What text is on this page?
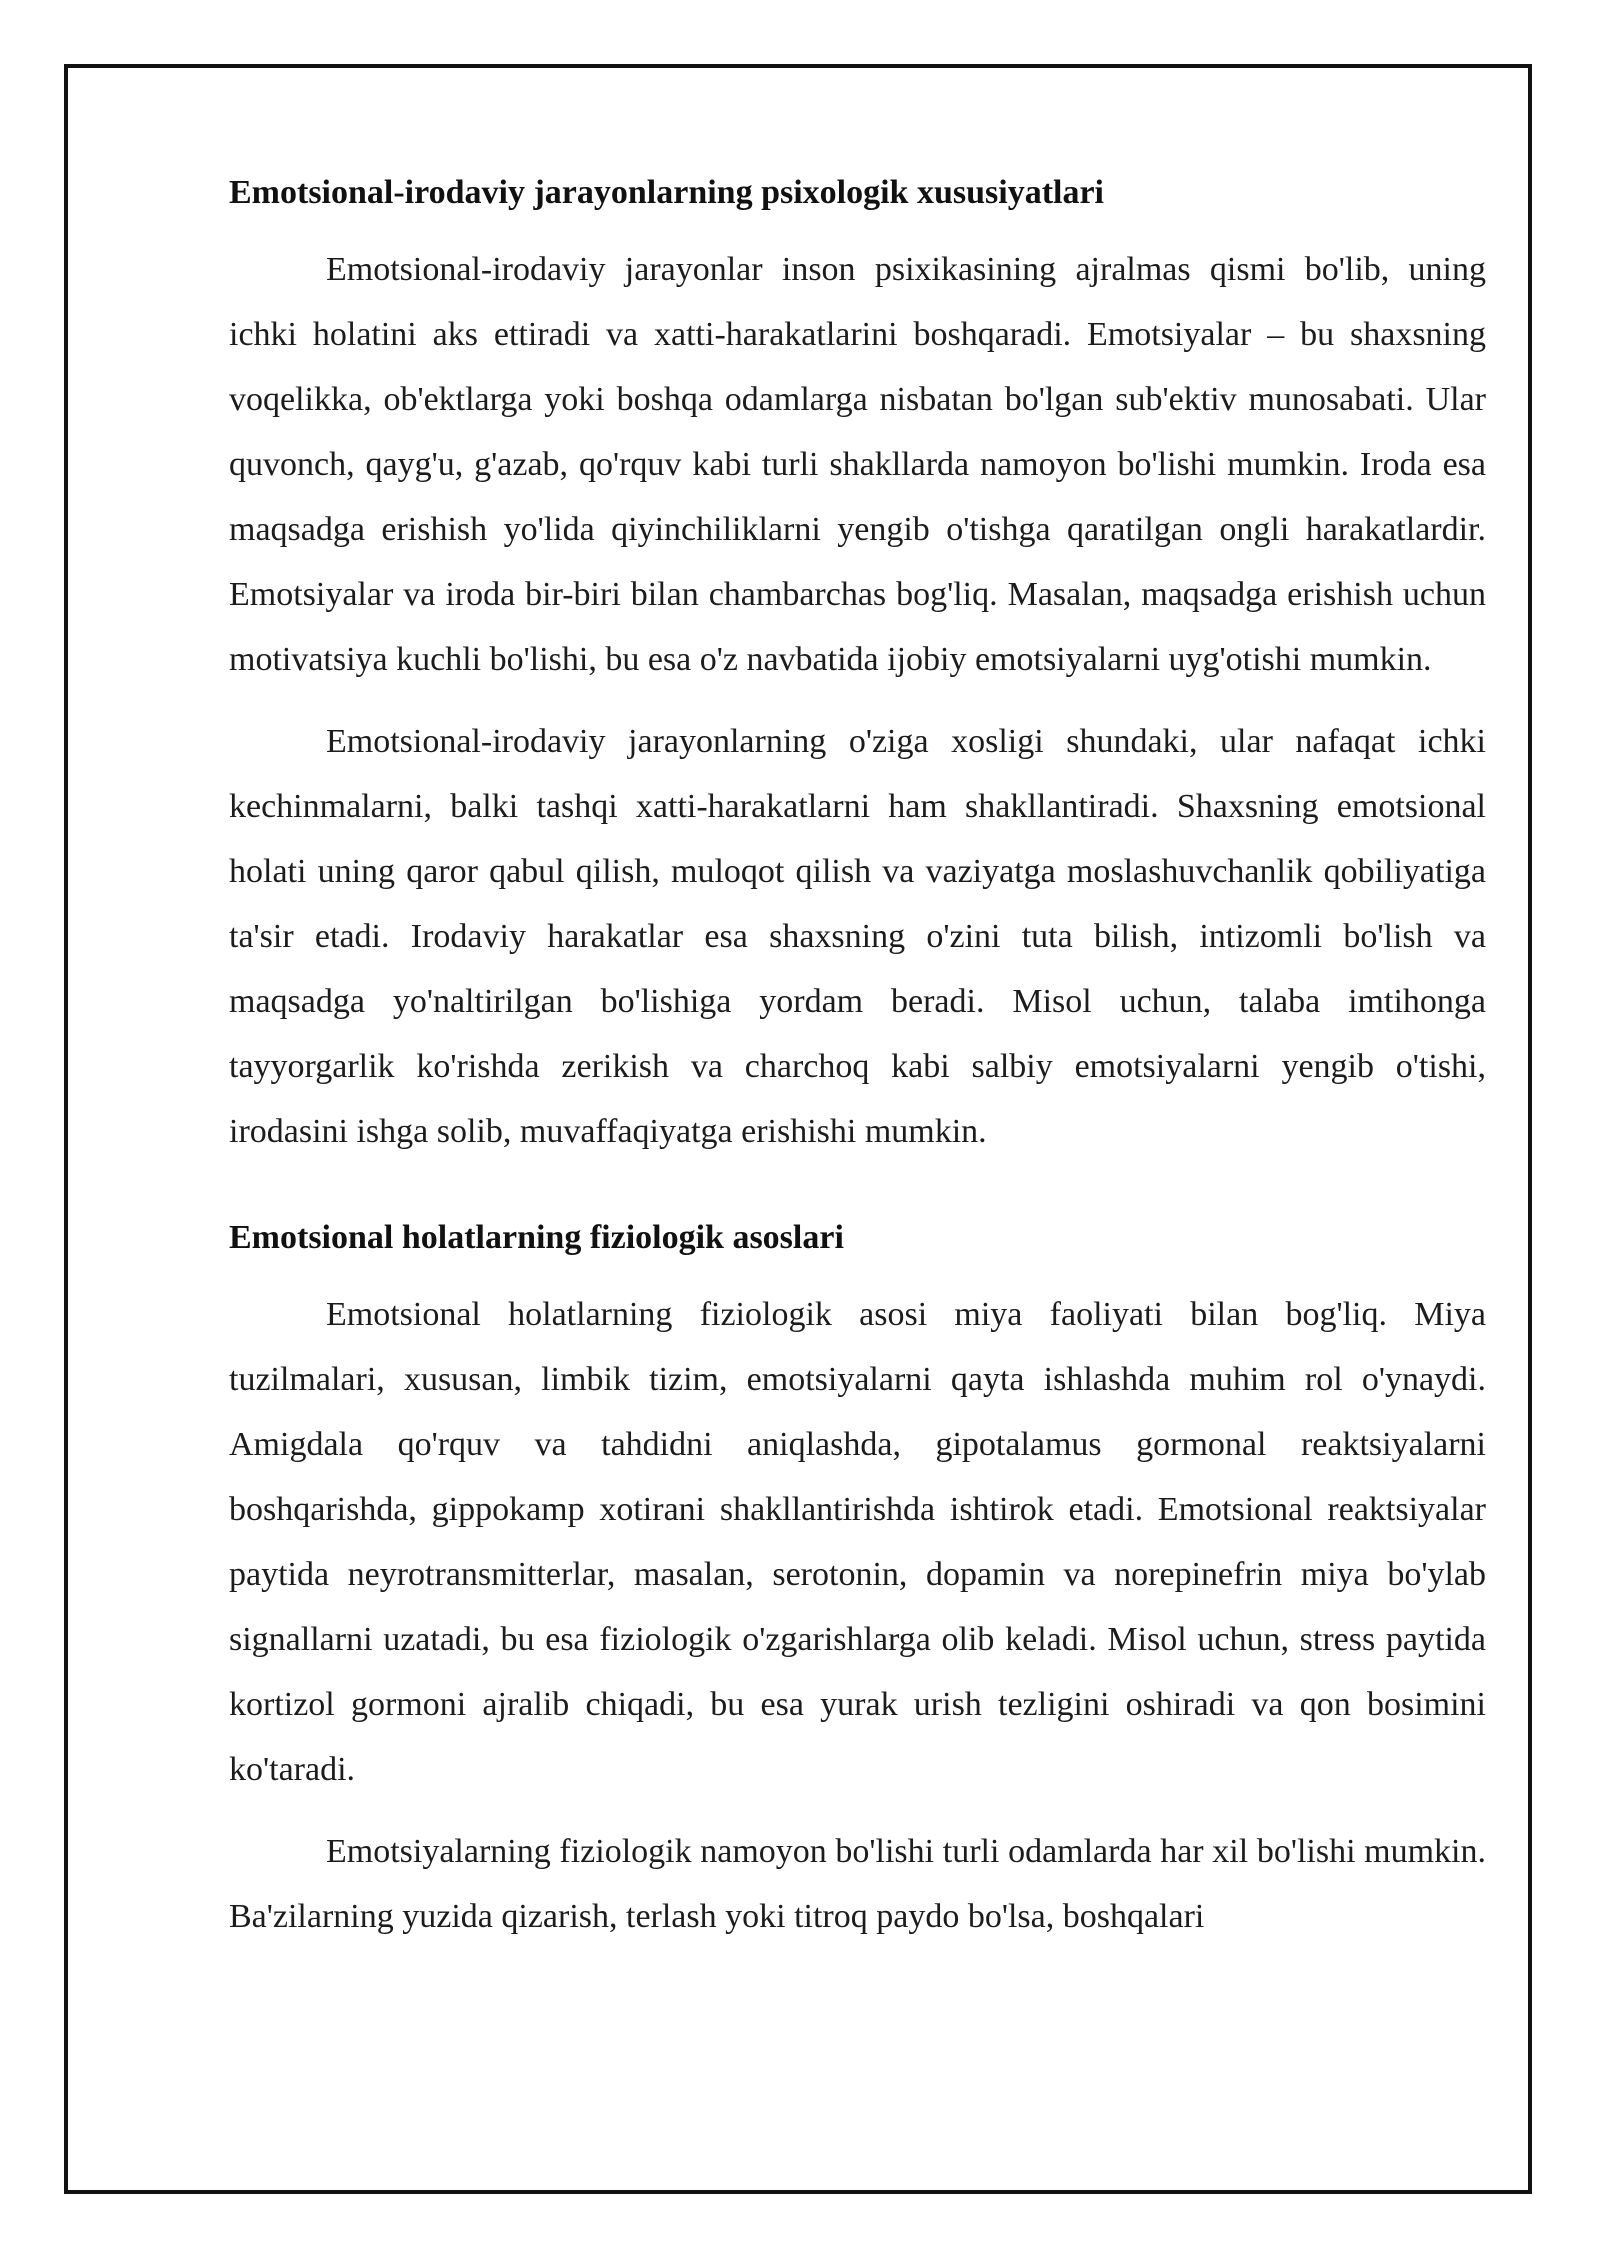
Emotsional-irodaviy jarayonlarning psixologik xususiyatlari

Emotsional-irodaviy jarayonlar inson psixikasining ajralmas qismi bo'lib, uning ichki holatini aks ettiradi va xatti-harakatlarini boshqaradi. Emotsiyalar – bu shaxsning voqelikka, ob'ektlarga yoki boshqa odamlarga nisbatan bo'lgan sub'ektiv munosabati. Ular quvonch, qayg'u, g'azab, qo'rquv kabi turli shakllarda namoyon bo'lishi mumkin. Iroda esa maqsadga erishish yo'lida qiyinchiliklarni yengib o'tishga qaratilgan ongli harakatlardir. Emotsiyalar va iroda bir-biri bilan chambarchas bog'liq. Masalan, maqsadga erishish uchun motivatsiya kuchli bo'lishi, bu esa o'z navbatida ijobiy emotsiyalarni uyg'otishi mumkin.

Emotsional-irodaviy jarayonlarning o'ziga xosligi shundaki, ular nafaqat ichki kechinmalarni, balki tashqi xatti-harakatlarni ham shakllantiradi. Shaxsning emotsional holati uning qaror qabul qilish, muloqot qilish va vaziyatga moslashuvchanlik qobiliyatiga ta'sir etadi. Irodaviy harakatlar esa shaxsning o'zini tuta bilish, intizomli bo'lish va maqsadga yo'naltirilgan bo'lishiga yordam beradi. Misol uchun, talaba imtihonga tayyorgarlik ko'rishda zerikish va charchoq kabi salbiy emotsiyalarni yengib o'tishi, irodasini ishga solib, muvaffaqiyatga erishishi mumkin.

Emotsional holatlarning fiziologik asoslari

Emotsional holatlarning fiziologik asosi miya faoliyati bilan bog'liq. Miya tuzilmalari, xususan, limbik tizim, emotsiyalarni qayta ishlashda muhim rol o'ynaydi. Amigdala qo'rquv va tahdidni aniqlashda, gipotalamus gormonal reaktsiyalarni boshqarishda, gippokamp xotirani shakllantirishda ishtirok etadi. Emotsional reaktsiyalar paytida neyrotransmitterlar, masalan, serotonin, dopamin va norepinefrin miya bo'ylab signallarni uzatadi, bu esa fiziologik o'zgarishlarga olib keladi. Misol uchun, stress paytida kortizol gormoni ajralib chiqadi, bu esa yurak urish tezligini oshiradi va qon bosimini ko'taradi.

Emotsiyalarning fiziologik namoyon bo'lishi turli odamlarda har xil bo'lishi mumkin. Ba'zilarning yuzida qizarish, terlash yoki titroq paydo bo'lsa, boshqalari
